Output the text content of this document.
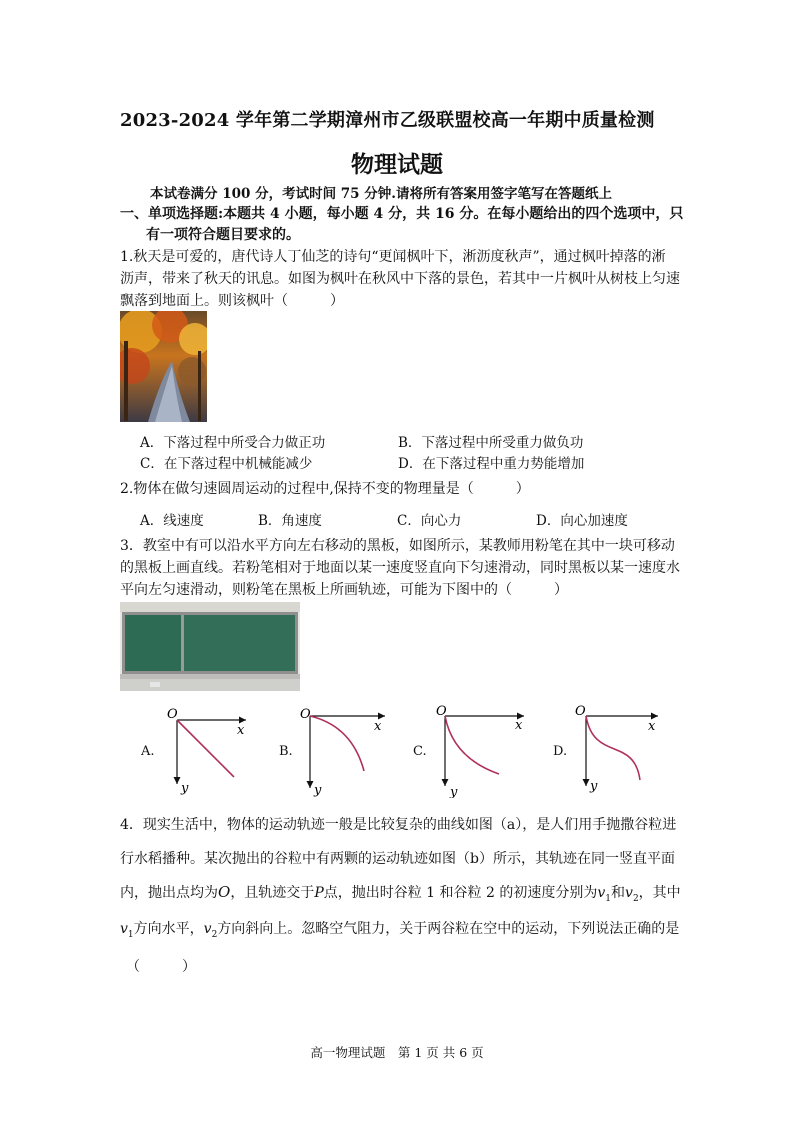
2023-2024 学年第二学期漳州市乙级联盟校高一年期中质量检测
物理试题
本试卷满分 100 分，考试时间 75 分钟.请将所有答案用签字笔写在答题纸上
一、单项选择题:本题共 4 小题，每小题 4 分，共 16 分。在每小题给出的四个选项中，只
有一项符合题目要求的。
1.秋天是可爱的，唐代诗人丁仙芝的诗句“更闻枫叶下，淅沥度秋声”，通过枫叶掉落的淅
沥声，带来了秋天的讯息。如图为枫叶在秋风中下落的景色，若其中一片枫叶从树枝上匀速
飘落到地面上。则该枫叶（　　　）
A．下落过程中所受合力做正功	B．下落过程中所受重力做负功
C．在下落过程中机械能减少	D．在下落过程中重力势能增加
2.物体在做匀速圆周运动的过程中,保持不变的物理量是（　　　）
A．线速度	B．角速度	C．向心力	D．向心加速度
3．教室中有可以沿水平方向左右移动的黑板，如图所示，某教师用粉笔在其中一块可移动
的黑板上画直线。若粉笔相对于地面以某一速度竖直向下匀速滑动，同时黑板以某一速度水
平向左匀速滑动，则粉笔在黑板上所画轨迹，可能为下图中的（　　　）
A.	B.	C.	D.
O
x
y
O
x
y
O
x
y
O
x
y
4．现实生活中，物体的运动轨迹一般是比较复杂的曲线如图（a），是人们用手抛撒谷粒进
行水稻播种。某次抛出的谷粒中有两颗的运动轨迹如图（b）所示，其轨迹在同一竖直平面
内，抛出点均为O，且轨迹交于P点，抛出时谷粒 1 和谷粒 2 的初速度分别为$v_1$和$v_2$，其中
$v_1$方向水平，$v_2$方向斜向上。忽略空气阻力，关于两谷粒在空中的运动，下列说法正确的是
（　　　）
高一物理试题　第 1 页 共 6 页
